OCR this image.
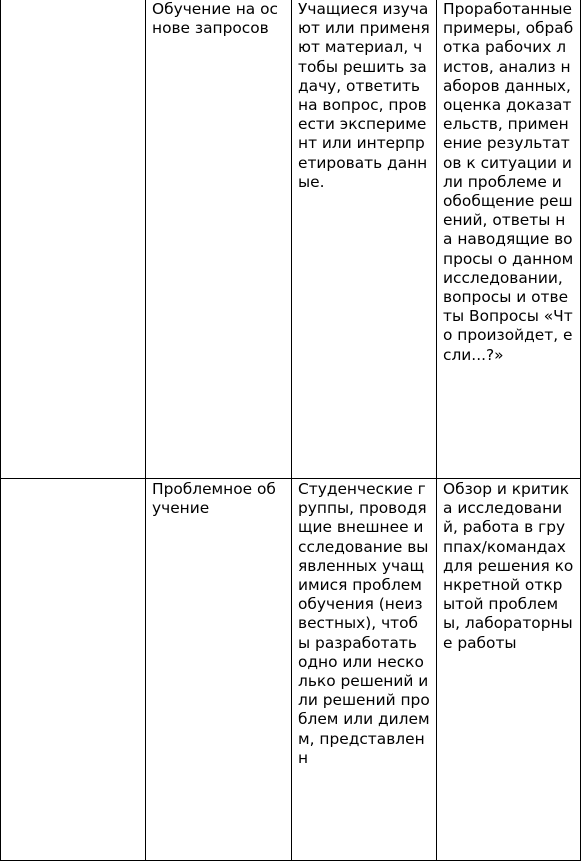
	Обучение на основе запросов	Учащиеся изучают или применяют материал, чтобы решить задачу, ответить на вопрос, провести эксперимент или интерпретировать данные.	Проработанные примеры, обработка рабочих листов, анализ наборов данных, оценка доказательств, применение результатов к ситуации или проблеме и обобщение решений, ответы на наводящие вопросы о данном исследовании, вопросы и ответы Вопросы «Что произойдет, если...?»
	Проблемное обучение	Студенческие группы, проводящие внешнее исследование выявленных учащимися проблем обучения (неизвестных), чтобы разработать одно или несколько решений или решений проблем или дилемм, представленн	Обзор и критика исследований, работа в группах/командах для решения конкретной открытой проблемы, лабораторные работы
